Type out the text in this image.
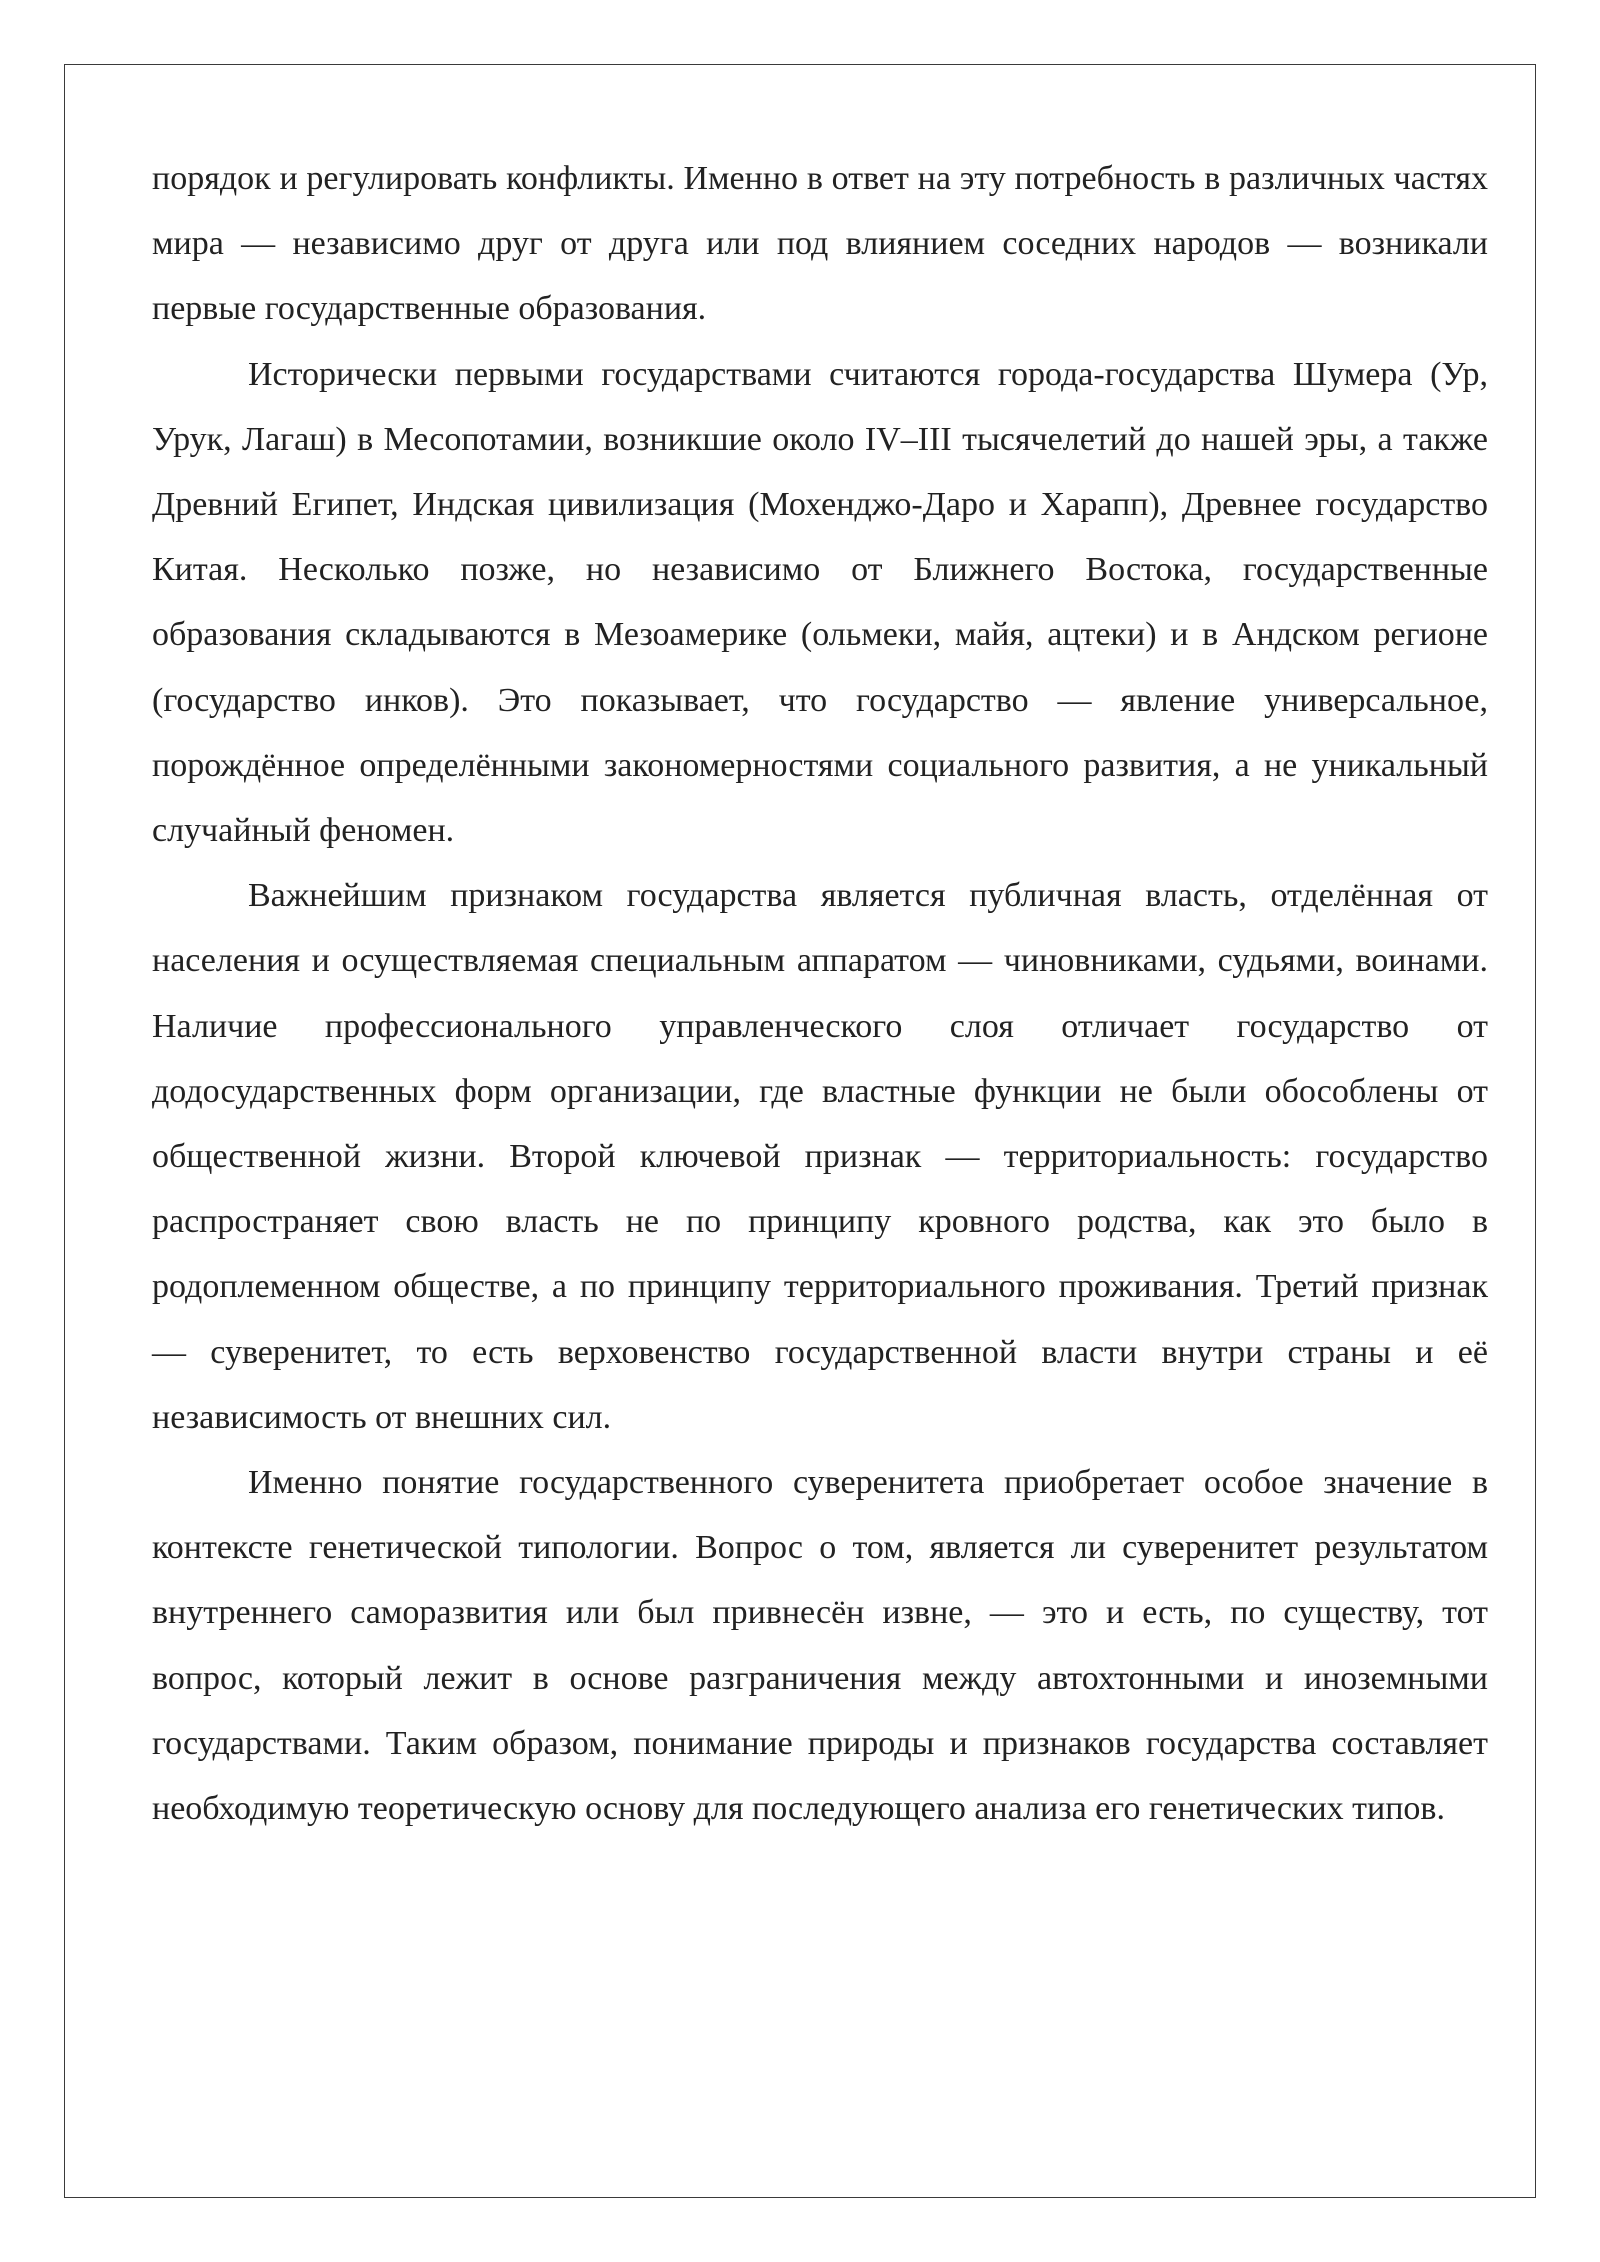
порядок и регулировать конфликты. Именно в ответ на эту потребность в различных частях мира — независимо друг от друга или под влиянием соседних народов — возникали первые государственные образования.

Исторически первыми государствами считаются города-государства Шумера (Ур, Урук, Лагаш) в Месопотамии, возникшие около IV–III тысячелетий до нашей эры, а также Древний Египет, Индская цивилизация (Мохенджо-Даро и Харапп), Древнее государство Китая. Несколько позже, но независимо от Ближнего Востока, государственные образования складываются в Мезоамерике (ольмеки, майя, ацтеки) и в Андском регионе (государство инков). Это показывает, что государство — явление универсальное, порождённое определёнными закономерностями социального развития, а не уникальный случайный феномен.

Важнейшим признаком государства является публичная власть, отделённая от населения и осуществляемая специальным аппаратом — чиновниками, судьями, воинами. Наличие профессионального управленческого слоя отличает государство от додосударственных форм организации, где властные функции не были обособлены от общественной жизни. Второй ключевой признак — территориальность: государство распространяет свою власть не по принципу кровного родства, как это было в родоплеменном обществе, а по принципу территориального проживания. Третий признак — суверенитет, то есть верховенство государственной власти внутри страны и её независимость от внешних сил.

Именно понятие государственного суверенитета приобретает особое значение в контексте генетической типологии. Вопрос о том, является ли суверенитет результатом внутреннего саморазвития или был привнесён извне, — это и есть, по существу, тот вопрос, который лежит в основе разграничения между автохтонными и иноземными государствами. Таким образом, понимание природы и признаков государства составляет необходимую теоретическую основу для последующего анализа его генетических типов.
